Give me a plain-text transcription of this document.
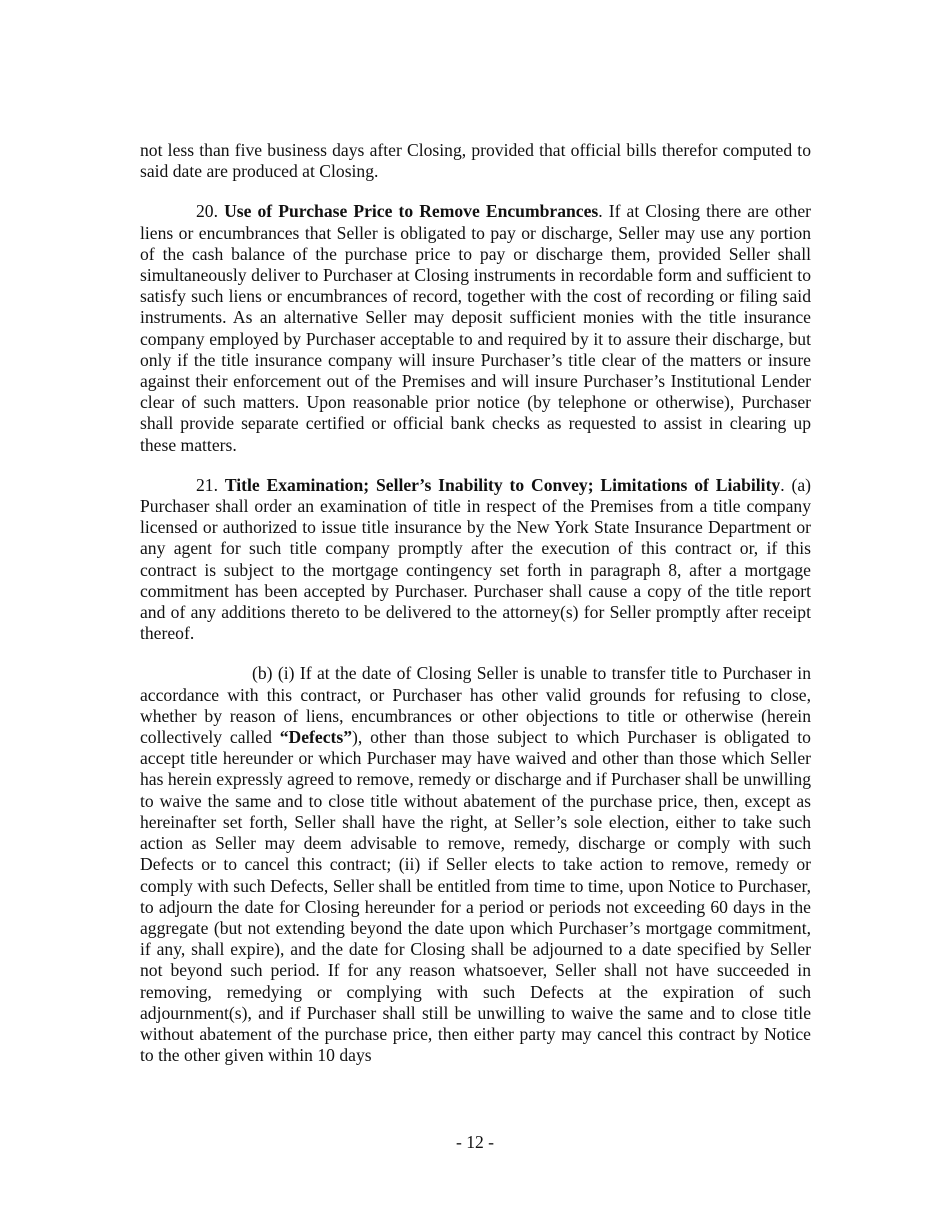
not less than five business days after Closing, provided that official bills therefor computed to said date are produced at Closing.

20. Use of Purchase Price to Remove Encumbrances. If at Closing there are other liens or encumbrances that Seller is obligated to pay or discharge, Seller may use any portion of the cash balance of the purchase price to pay or discharge them, provided Seller shall simultaneously deliver to Purchaser at Closing instruments in recordable form and sufficient to satisfy such liens or encumbrances of record, together with the cost of recording or filing said instruments. As an alternative Seller may deposit sufficient monies with the title insurance company employed by Purchaser acceptable to and required by it to assure their discharge, but only if the title insurance company will insure Purchaser’s title clear of the matters or insure against their enforcement out of the Premises and will insure Purchaser’s Institutional Lender clear of such matters. Upon reasonable prior notice (by telephone or otherwise), Purchaser shall provide separate certified or official bank checks as requested to assist in clearing up these matters.

21. Title Examination; Seller’s Inability to Convey; Limitations of Liability. (a) Purchaser shall order an examination of title in respect of the Premises from a title company licensed or authorized to issue title insurance by the New York State Insurance Department or any agent for such title company promptly after the execution of this contract or, if this contract is subject to the mortgage contingency set forth in paragraph 8, after a mortgage commitment has been accepted by Purchaser. Purchaser shall cause a copy of the title report and of any additions thereto to be delivered to the attorney(s) for Seller promptly after receipt thereof.

(b) (i) If at the date of Closing Seller is unable to transfer title to Purchaser in accordance with this contract, or Purchaser has other valid grounds for refusing to close, whether by reason of liens, encumbrances or other objections to title or otherwise (herein collectively called “Defects”), other than those subject to which Purchaser is obligated to accept title hereunder or which Purchaser may have waived and other than those which Seller has herein expressly agreed to remove, remedy or discharge and if Purchaser shall be unwilling to waive the same and to close title without abatement of the purchase price, then, except as hereinafter set forth, Seller shall have the right, at Seller’s sole election, either to take such action as Seller may deem advisable to remove, remedy, discharge or comply with such Defects or to cancel this contract; (ii) if Seller elects to take action to remove, remedy or comply with such Defects, Seller shall be entitled from time to time, upon Notice to Purchaser, to adjourn the date for Closing hereunder for a period or periods not exceeding 60 days in the aggregate (but not extending beyond the date upon which Purchaser’s mortgage commitment, if any, shall expire), and the date for Closing shall be adjourned to a date specified by Seller not beyond such period. If for any reason whatsoever, Seller shall not have succeeded in removing, remedying or complying with such Defects at the expiration of such adjournment(s), and if Purchaser shall still be unwilling to waive the same and to close title without abatement of the purchase price, then either party may cancel this contract by Notice to the other given within 10 days

- 12 -
